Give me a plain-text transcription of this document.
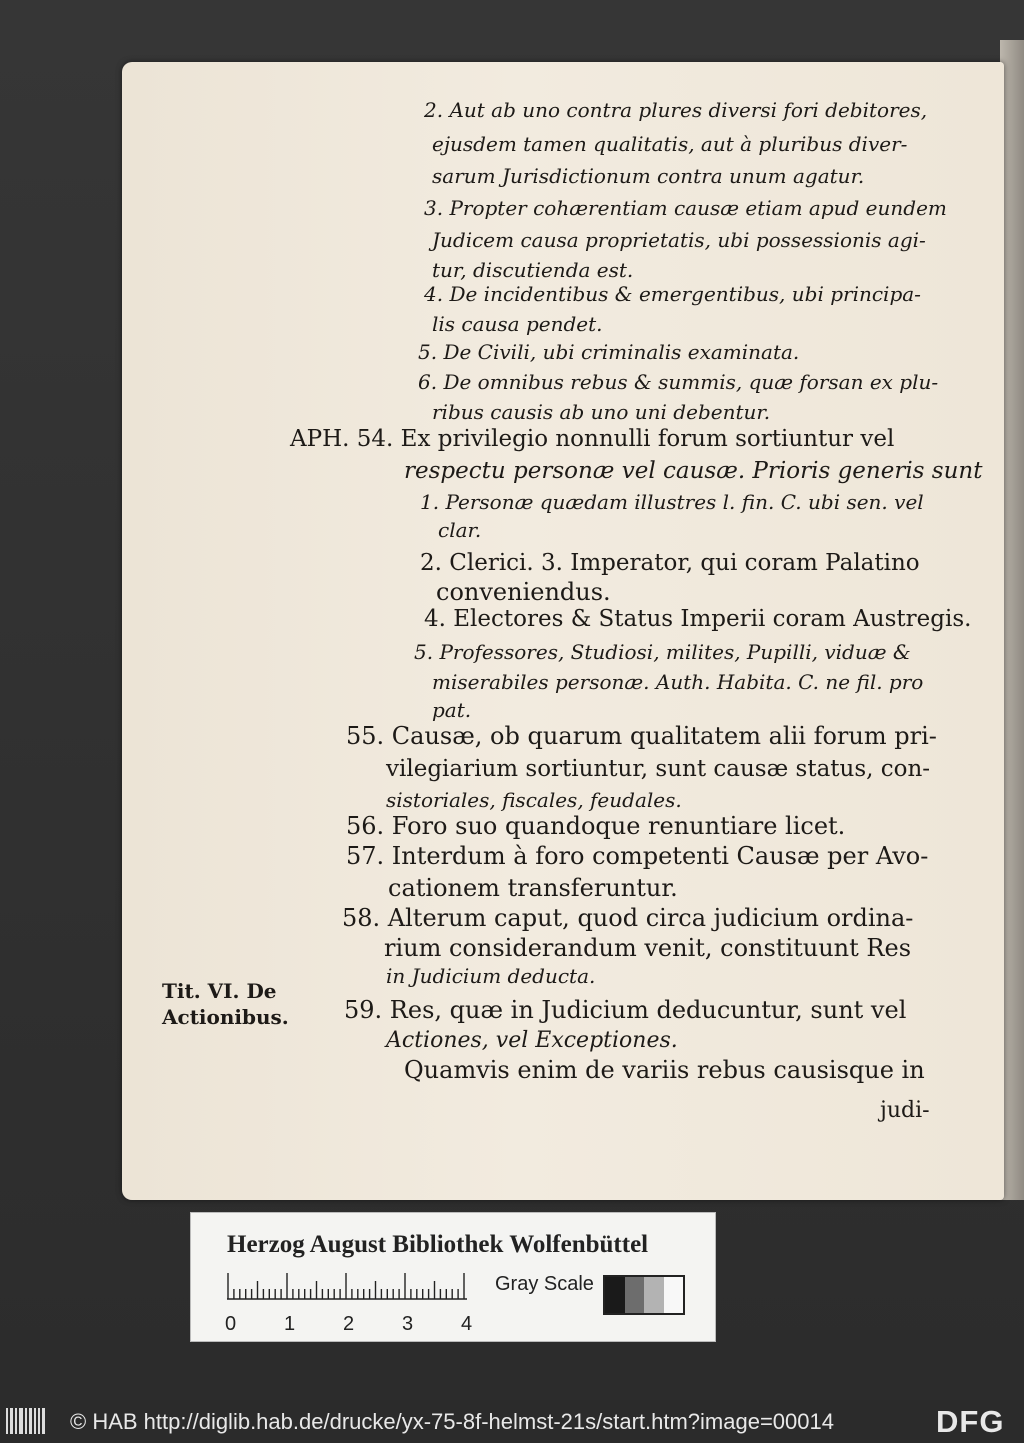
2. Aut ab uno contra plures diversi fori debitores,
ejusdem tamen qualitatis, aut à pluribus diver-
sarum Jurisdictionum contra unum agatur.
3. Propter cohærentiam causæ etiam apud eundem
Judicem causa proprietatis, ubi possessionis agi-
tur, discutienda est.
4. De incidentibus & emergentibus, ubi principa-
lis causa pendet.
5. De Civili, ubi criminalis examinata.
6. De omnibus rebus & summis, quæ forsan ex plu-
ribus causis ab uno uni debentur.
APH. 54. Ex privilegio nonnulli forum sortiuntur vel
respectu personæ vel causæ. Prioris generis sunt
1. Personæ quædam illustres l. fin. C. ubi sen. vel
clar.
2. Clerici. 3. Imperator, qui coram Palatino
conveniendus.
4. Electores & Status Imperii coram Austregis.
5. Professores, Studiosi, milites, Pupilli, viduæ &
miserabiles personæ. Auth. Habita. C. ne fil. pro
pat.
55. Causæ, ob quarum qualitatem alii forum pri-
vilegiarium sortiuntur, sunt causæ status, con-
sistoriales, fiscales, feudales.
56. Foro suo quandoque renuntiare licet.
57. Interdum à foro competenti Causæ per Avo-
cationem transferuntur.
58. Alterum caput, quod circa judicium ordina-
rium considerandum venit, constituunt Res
in Judicium deducta.
59. Res, quæ in Judicium deducuntur, sunt vel
Actiones, vel Exceptiones.
Quamvis enim de variis rebus causisque in
Tit. VI. De
Actionibus.
judi-
Herzog August Bibliothek Wolfenbüttel
0 1 2 3 4
Gray Scale
© HAB http://diglib.hab.de/drucke/yx-75-8f-helmst-21s/start.htm?image=00014	DFG
